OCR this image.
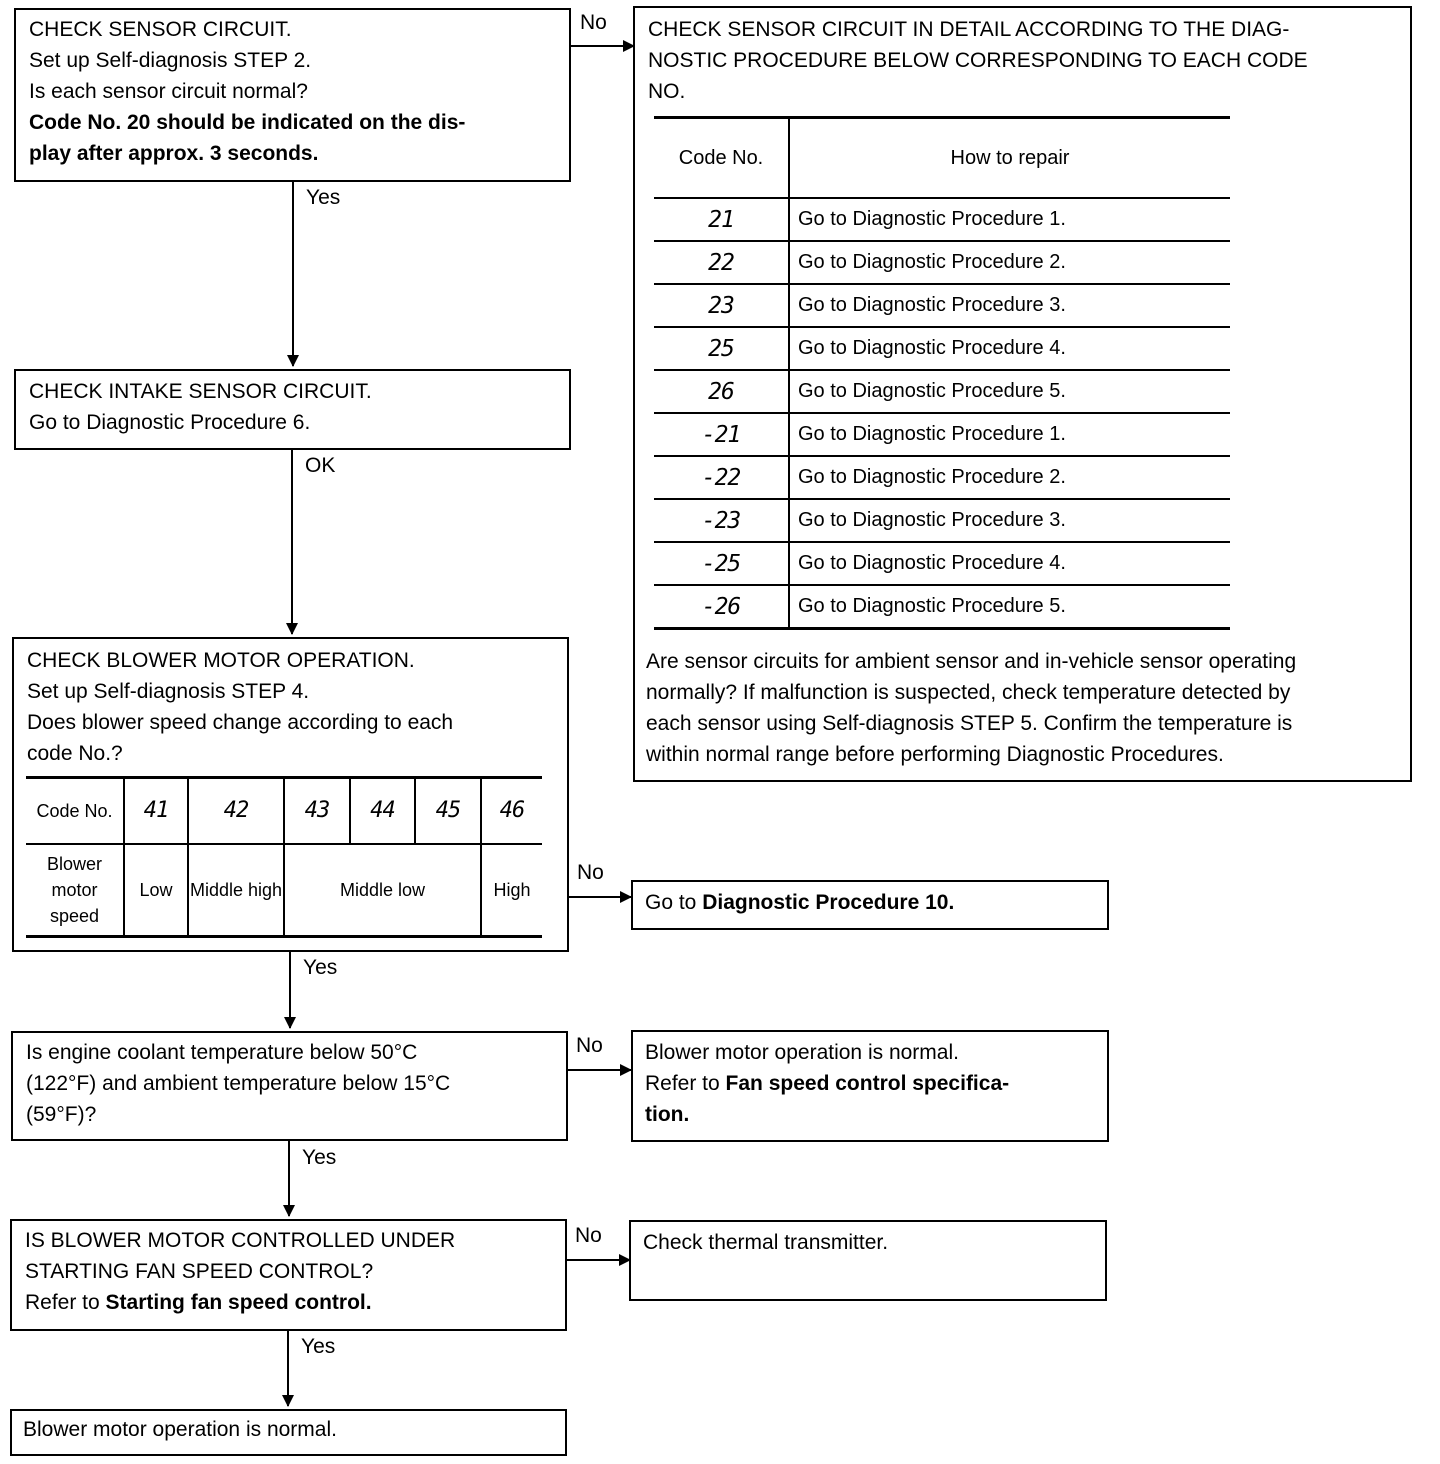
No
Yes
OK
No
Yes
No
Yes
No
Yes
CHECK SENSOR CIRCUIT.
Set up Self-diagnosis STEP 2.
Is each sensor circuit normal?
Code No. 20 should be indicated on the dis-
play after approx. 3 seconds.
CHECK SENSOR CIRCUIT IN DETAIL ACCORDING TO THE DIAG-
NOSTIC PROCEDURE BELOW CORRESPONDING TO EACH CODE
NO.
Are sensor circuits for ambient sensor and in-vehicle sensor operating
normally? If malfunction is suspected, check temperature detected by
each sensor using Self-diagnosis STEP 5. Confirm the temperature is
within normal range before performing Diagnostic Procedures.
Code No.	How to repair
21	Go to Diagnostic Procedure 1.
22	Go to Diagnostic Procedure 2.
23	Go to Diagnostic Procedure 3.
25	Go to Diagnostic Procedure 4.
26	Go to Diagnostic Procedure 5.
-21	Go to Diagnostic Procedure 1.
-22	Go to Diagnostic Procedure 2.
-23	Go to Diagnostic Procedure 3.
-25	Go to Diagnostic Procedure 4.
-26	Go to Diagnostic Procedure 5.
CHECK INTAKE SENSOR CIRCUIT.
Go to Diagnostic Procedure 6.
CHECK BLOWER MOTOR OPERATION.
Set up Self-diagnosis STEP 4.
Does blower speed change according to each
code No.?
Code No.	41	42	43	44	45	46
Blower motor speed	Low	Middle high	Middle low			High
Go to Diagnostic Procedure 10.
Is engine coolant temperature below 50°C
(122°F) and ambient temperature below 15°C
(59°F)?
Blower motor operation is normal.
Refer to Fan speed control specifica-
tion.
IS BLOWER MOTOR CONTROLLED UNDER
STARTING FAN SPEED CONTROL?
Refer to Starting fan speed control.
Check thermal transmitter.
Blower motor operation is normal.
